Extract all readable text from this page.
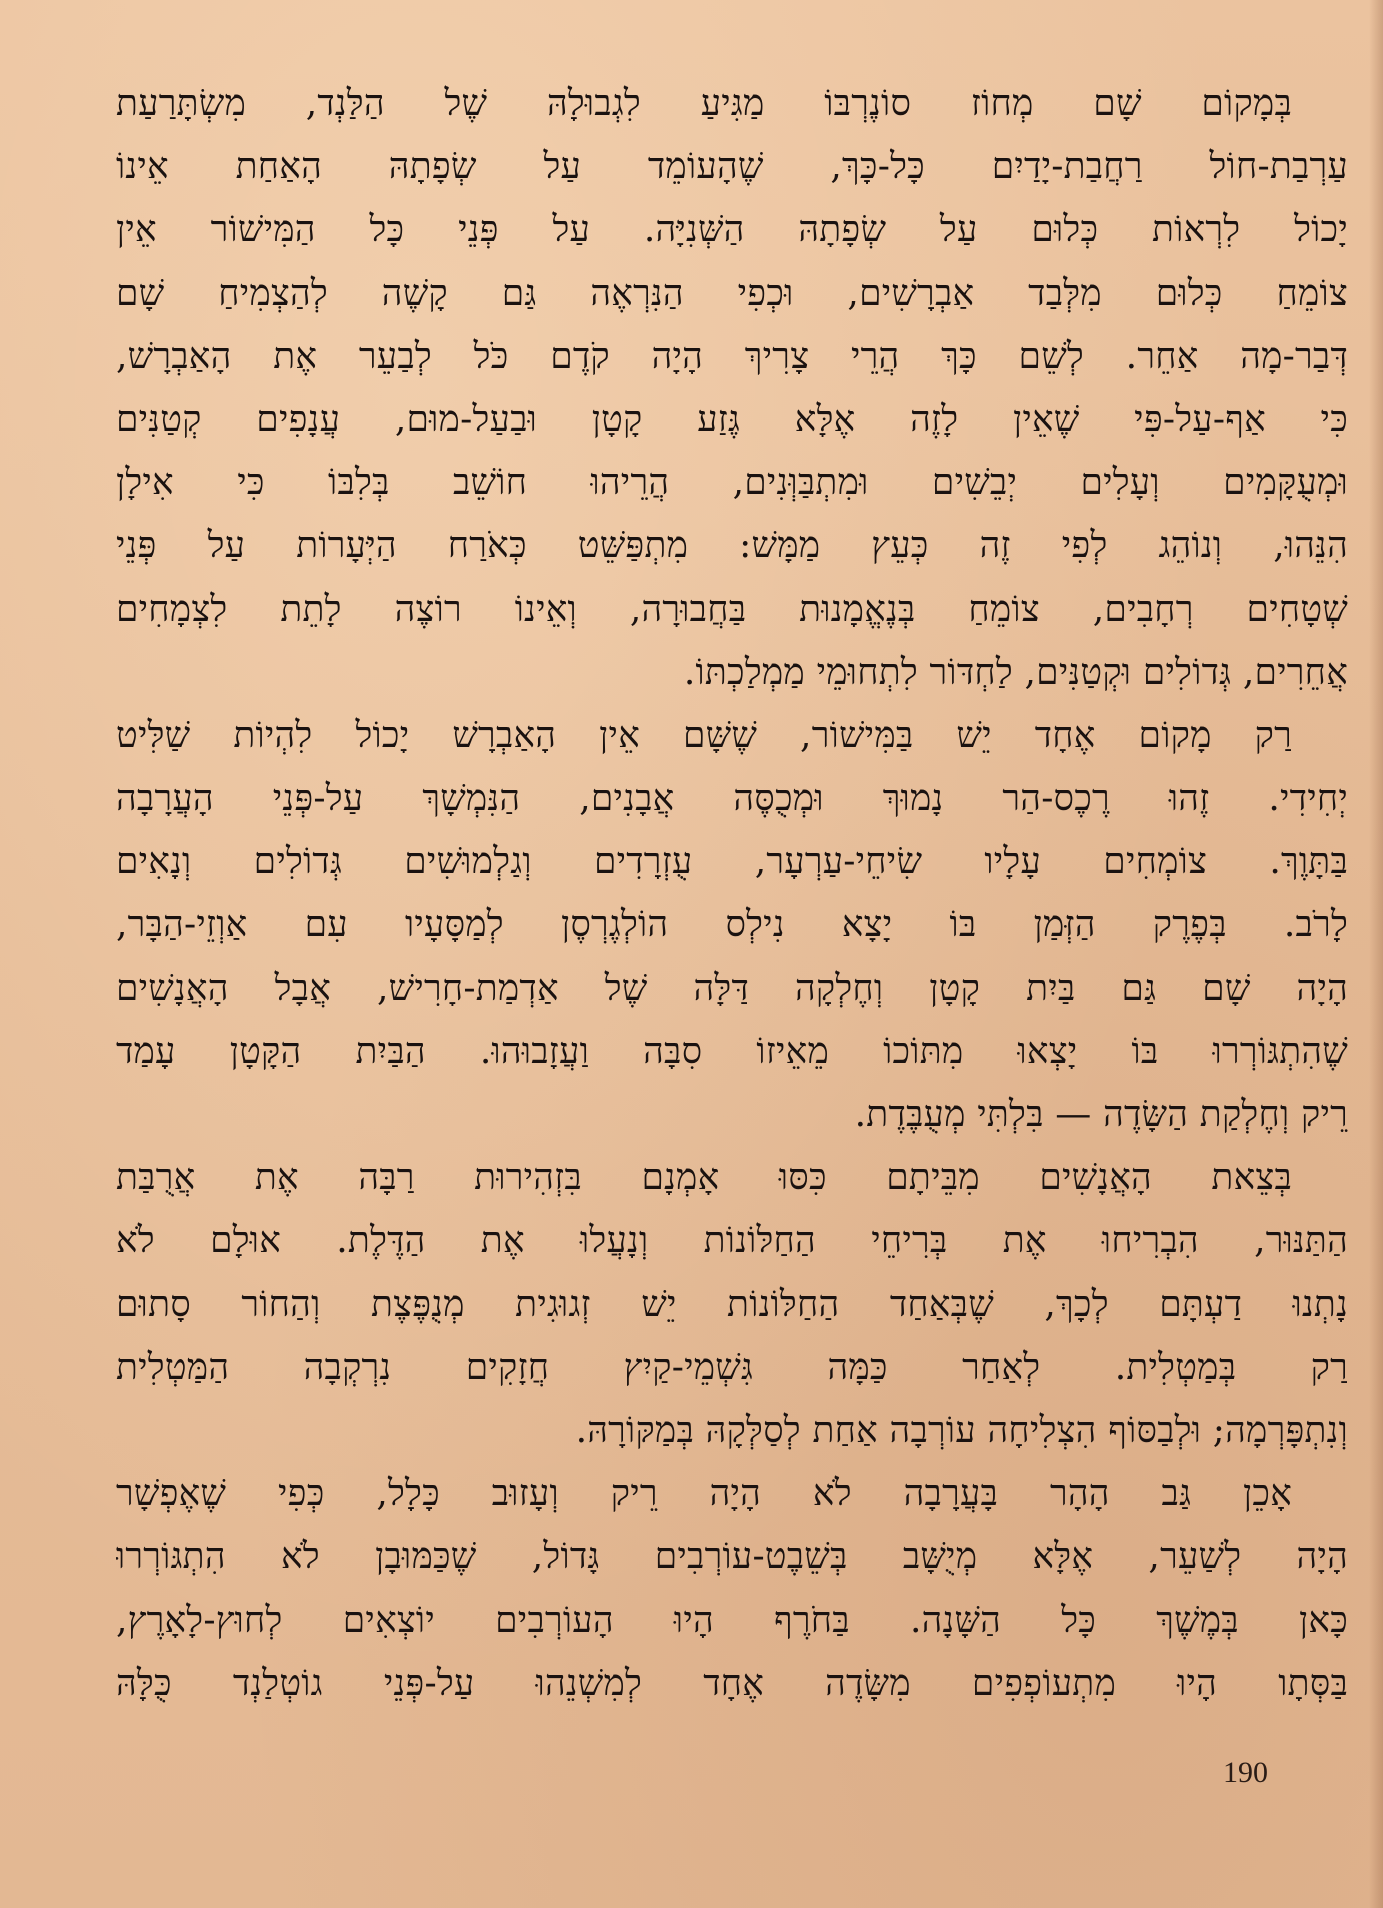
בְּמָקוֹם שָׁם מְחוֹז סוֹנֶרְבּוֹ מַגִּיעַ לִגְבוּלָהּ שֶׁל הַלַּנְד, מִשְׂתָּרַעַת
עַרְבַת-חוֹל רַחֲבַת-יָדַיִם כָּל-כָּךְ, שֶׁהָעוֹמֵד עַל שְׂפָתָהּ הָאַחַת אֵינוֹ
יָכוֹל לִרְאוֹת כְּלוּם עַל שְׂפָתָהּ הַשְּׁנִיָּה. עַל פְּנֵי כָּל הַמִּישׁוֹר אֵין
צוֹמֵחַ כְּלוּם מִלְּבַד אַבְרָשִׁים, וּכְפִי הַנִּרְאֶה גַּם קָשֶׁה לְהַצְמִיחַ שָׁם
דְּבַר-מָה אַחֵר. לְשֵׁם כָּךְ הֲרֵי צָרִיךְ הָיָה קֹדֶם כֹּל לְבַעֵר אֶת הָאַבְרָשׁ,
כִּי אַף-עַל-פִּי שֶׁאֵין לָזֶה אֶלָּא גֶּזַע קָטָן וּבַעַל-מוּם, עֲנָפִים קְטַנִּים
וּמְעֻקָּמִים וְעָלִים יְבֵשִׁים וּמִתְבַּוְּנִים, הֲרֵיהוּ חוֹשֵׁב בְּלִבּוֹ כִּי אִילָן
הִנֵּהוּ, וְנוֹהֵג לְפִי זֶה כְּעֵץ מַמָּשׁ: מִתְפַּשֵּׁט כְּאֹרַח הַיְּעָרוֹת עַל פְּנֵי
שְׁטָחִים רְחָבִים, צוֹמֵחַ בְּנֶאֱמָנוּת בַּחֲבוּרָה, וְאֵינוֹ רוֹצֶה לָתֵת לִצְמָחִים
אֲחֵרִים, גְּדוֹלִים וּקְטַנִּים, לַחְדּוֹר לִתְחוּמֵי מַמְלַכְתּוֹ.
רַק מָקוֹם אֶחָד יֵשׁ בַּמִּישׁוֹר, שֶׁשָּׁם אֵין הָאַבְרָשׁ יָכוֹל לִהְיוֹת שַׁלִּיט
יְחִידִי. זֶהוּ רֶכֶס-הַר נָמוּךְ וּמְכֻסֶּה אֲבָנִים, הַנִּמְשָׁךְ עַל-פְּנֵי הָעֲרָבָה
בַּתָּוֶךְ. צוֹמְחִים עָלָיו שִׂיחֵי-עַרְעָר, עֻזְרָדִים וְגַלְמוּשִׁים גְּדוֹלִים וְנָאִים
לָרֹב. בְּפֶרֶק הַזְּמַן בּוֹ יָצָא נִילְס הוֹלְגֶרְסֶן לְמַסָּעָיו עִם אַוְזֵי-הַבָּר,
הָיָה שָׁם גַּם בַּיִת קָטָן וְחֶלְקָה דַּלָּה שֶׁל אַדְמַת-חָרִישׁ, אֲבָל הָאֲנָשִׁים
שֶׁהִתְגּוֹרְרוּ בּוֹ יָצְאוּ מִתּוֹכוֹ מֵאֵיזוֹ סִבָּה וַעֲזָבוּהוּ. הַבַּיִת הַקָּטָן עָמַד
רֵיק וְחֶלְקַת הַשָּׂדֶה — בִּלְתִּי מְעֻבֶּדֶת.
בְּצֵאת הָאֲנָשִׁים מִבֵּיתָם כִּסּוּ אָמְנָם בִּזְהִירוּת רַבָּה אֶת אֲרֻבַּת
הַתַּנּוּר, הִבְרִיחוּ אֶת בְּרִיחֵי הַחַלּוֹנוֹת וְנָעֲלוּ אֶת הַדֶּלֶת. אוּלָם לֹא
נָתְנוּ דַעְתָּם לְכָךְ, שֶׁבְּאַחַד הַחַלּוֹנוֹת יֵשׁ זְגוּגִית מְנֻפֶּצֶת וְהַחוֹר סָתוּם
רַק בְּמַטְלִית. לְאַחַר כַּמָּה גִּשְׁמֵי-קַיִץ חֲזָקִים נִרְקְבָה הַמַּטְלִית
וְנִתְפָּרְמָה; וּלְבַסּוֹף הִצְלִיחָה עוֹרְבָה אַחַת לְסַלְּקָהּ בְּמַקּוֹרָהּ.
אָכֵן גַּב הָהָר בָּעֲרָבָה לֹא הָיָה רֵיק וְעָזוּב כָּלָל, כְּפִי שֶׁאֶפְשָׁר
הָיָה לְשַׁעֵר, אֶלָּא מְיֻשָּׁב בְּשֵׁבֶט-עוֹרְבִים גָּדוֹל, שֶׁכַּמּוּבָן לֹא הִתְגּוֹרְרוּ
כָּאן בְּמֶשֶׁךְ כָּל הַשָּׁנָה. בַּחֹרֶף הָיוּ הָעוֹרְבִים יוֹצְאִים לְחוּץ-לָאָרֶץ,
בַּסְּתָו הָיוּ מִתְעוֹפְפִים מִשָּׂדֶה אֶחָד לְמִשְׁנֵהוּ עַל-פְּנֵי גוֹטְלַנְד כֻּלָּהּ
190
